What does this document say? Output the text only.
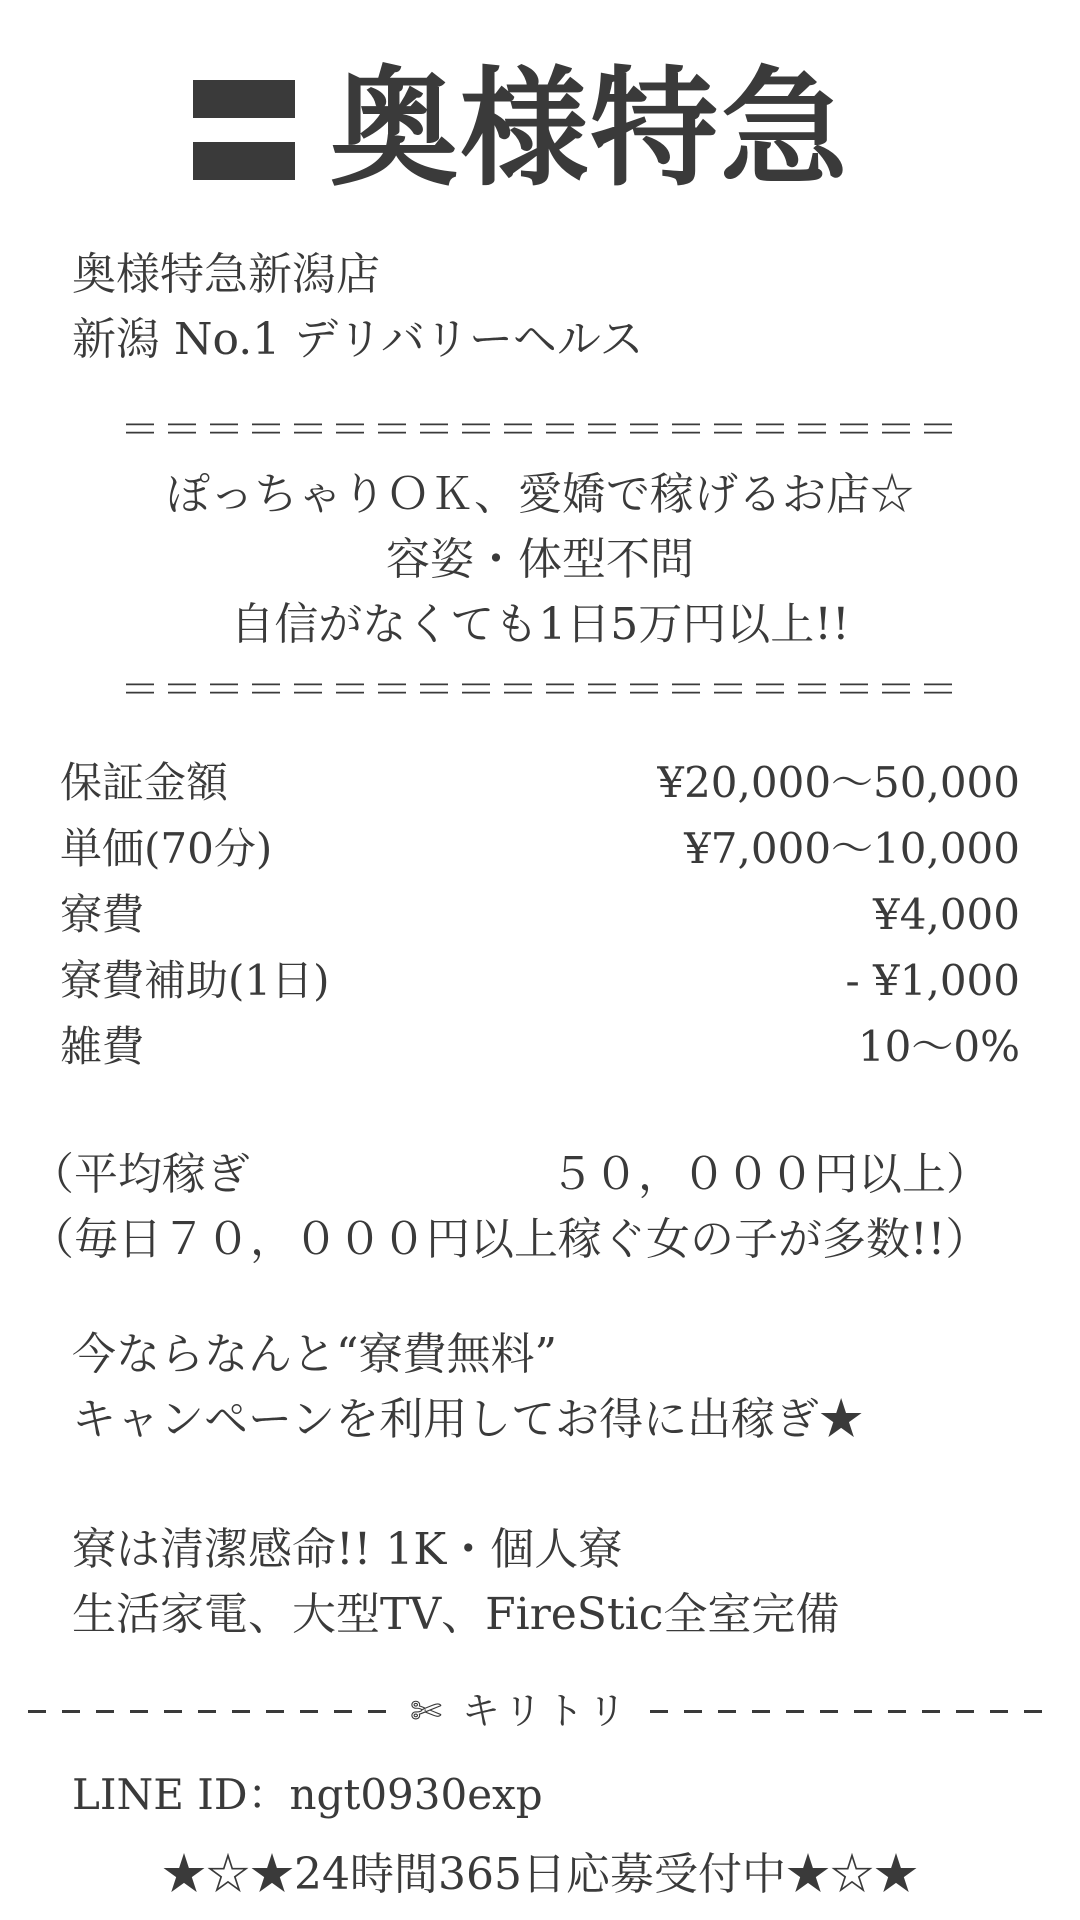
奥様特急
奥様特急新潟店
新潟 No.1 デリバリーヘルス
＝＝＝＝＝＝＝＝＝＝＝＝＝＝＝＝＝＝＝＝
ぽっちゃりＯＫ、愛嬌で稼げるお店☆
容姿・体型不問
自信がなくても1日5万円以上!!
＝＝＝＝＝＝＝＝＝＝＝＝＝＝＝＝＝＝＝＝
保証金額	¥20,000〜50,000
単価(70分)	¥7,000〜10,000
寮費	¥4,000
寮費補助(1日)	- ¥1,000
雑費	10〜0%
（平均稼ぎ	５０，０００円以上）
（毎日７０，０００円以上稼ぐ女の子が多数!!）
今ならなんと“寮費無料”
キャンペーンを利用してお得に出稼ぎ★
寮は清潔感命!! 1K・個人寮
生活家電、大型TV、FireStic全室完備
✄ キリトリ
LINE ID：ngt0930exp
★☆★24時間365日応募受付中★☆★
